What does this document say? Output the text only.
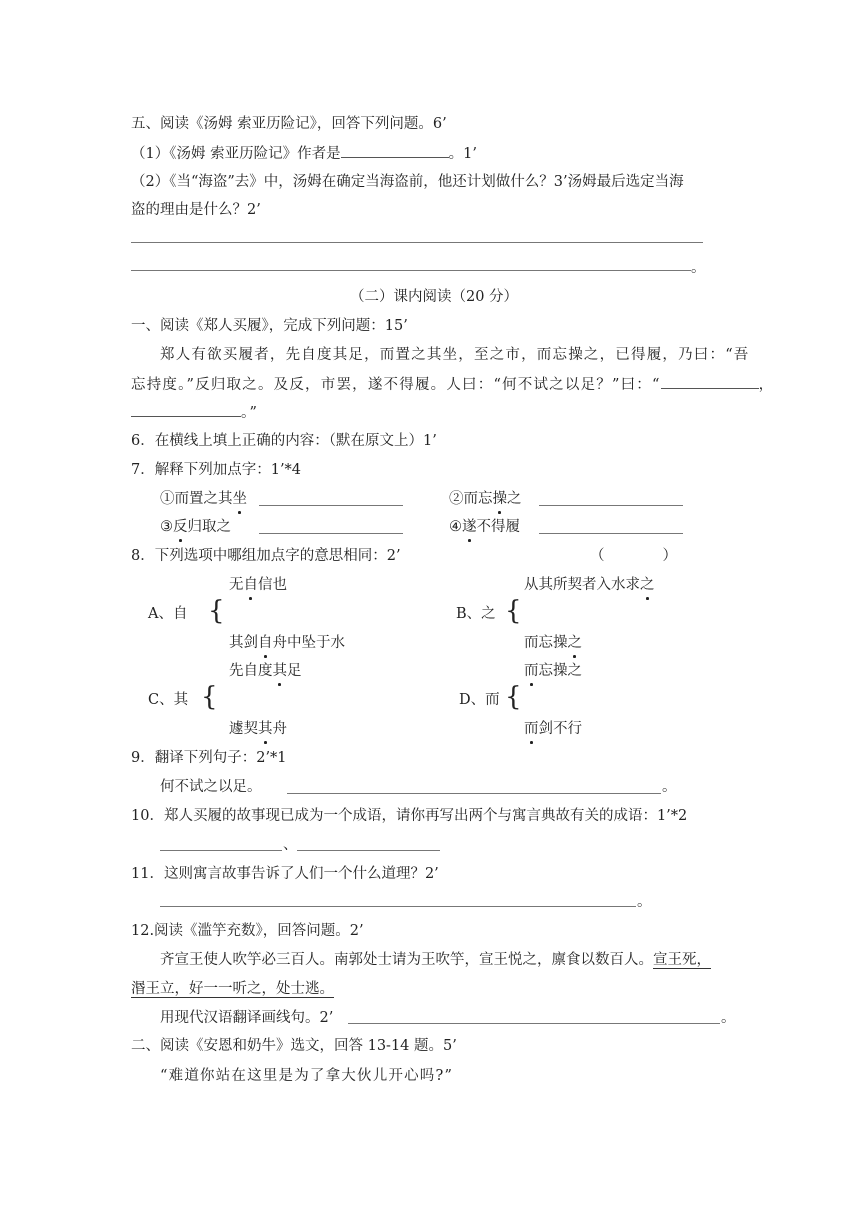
五、阅读《汤姆 索亚历险记》，回答下列问题。6’
（1）《汤姆 索亚历险记》作者是	。1’
（2）《当“海盗”去》中，汤姆在确定当海盗前，他还计划做什么？3’汤姆最后选定当海
盗的理由是什么？2’
。
（二）课内阅读（20 分）
一、阅读《郑人买履》，完成下列问题：15’
郑人有欲买履者，先自度其足，而置之其坐，至之市，而忘操之，已得履，乃曰：“吾
忘持度。”反归取之。及反，市罢，遂不得履。人曰：“何不试之以足？”曰：“	，
。”
6．在横线上填上正确的内容：（默在原文上）1’
7．解释下列加点字：1’*4
①而置之其坐	②而忘操之
③反归取之	④遂不得履
8．下列选项中哪组加点字的意思相同：2’	（　　　　）
无自信也
A、自 {
其剑自舟中坠于水
从其所契者入水求之
B、之 {
而忘操之
先自度其足
C、其 {
遽契其舟
而忘操之
D、而 {
而剑不行
9．翻译下列句子：2’*1
何不试之以足。	。
10．郑人买履的故事现已成为一个成语，请你再写出两个与寓言典故有关的成语：1’*2
、
11．这则寓言故事告诉了人们一个什么道理？2’
。
12.阅读《滥竽充数》，回答问题。2’
齐宣王使人吹竽必三百人。南郭处士请为王吹竽，宣王悦之，廪食以数百人。宣王死，
湣王立，好一一听之，处士逃。
用现代汉语翻译画线句。2’	。
二、阅读《安恩和奶牛》选文，回答 13-14 题。5’
“难道你站在这里是为了拿大伙儿开心吗?”
